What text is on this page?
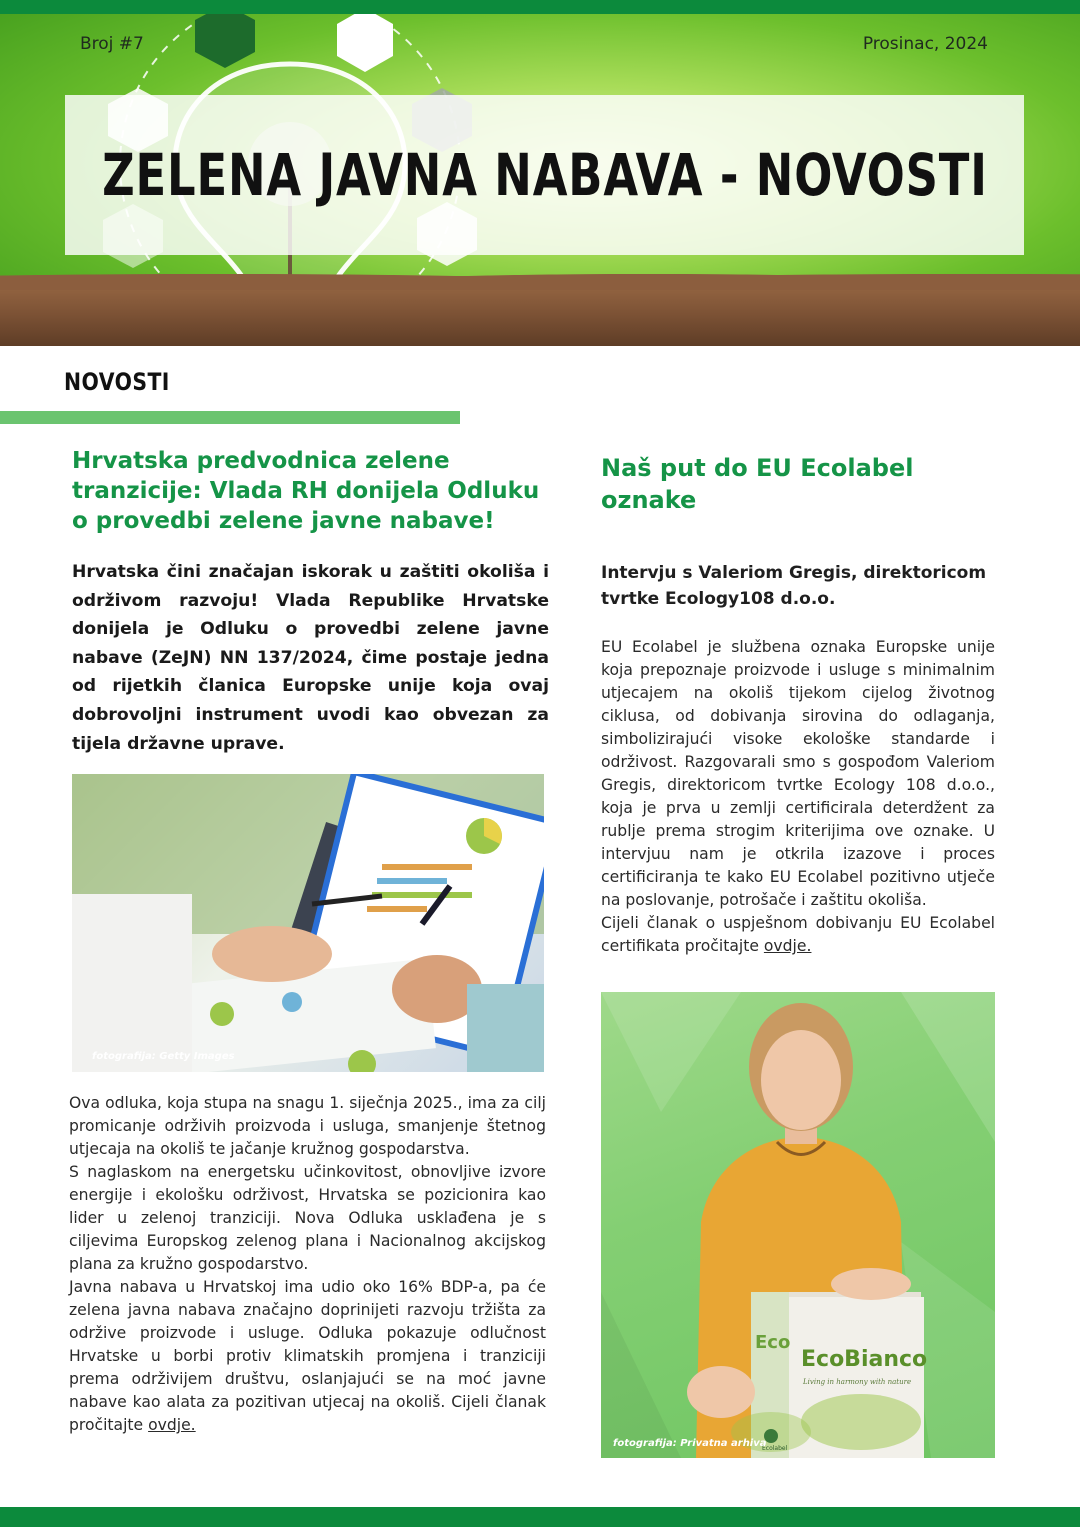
Broj #7	Prosinac, 2024
ZELENA JAVNA NABAVA - NOVOSTI
NOVOSTI
Hrvatska predvodnica zelene tranzicije: Vlada RH donijela Odluku o provedbi zelene javne nabave!
Hrvatska čini značajan iskorak u zaštiti okoliša i održivom razvoju! Vlada Republike Hrvatske donijela je Odluku o provedbi zelene javne nabave (ZeJN) NN 137/2024, čime postaje jedna od rijetkih članica Europske unije koja ovaj dobrovoljni instrument uvodi kao obvezan za tijela državne uprave.
fotografija: Getty Images

Ova odluka, koja stupa na snagu 1. siječnja 2025., ima za cilj promicanje održivih proizvoda i usluga, smanjenje štetnog utjecaja na okoliš te jačanje kružnog gospodarstva.

S naglaskom na energetsku učinkovitost, obnovljive izvore energije i ekološku održivost, Hrvatska se pozicionira kao lider u zelenoj tranziciji. Nova Odluka usklađena je s ciljevima Europskog zelenog plana i Nacionalnog akcijskog plana za kružno gospodarstvo.

Javna nabava u Hrvatskoj ima udio oko 16% BDP-a, pa će zelena javna nabava značajno doprinijeti razvoju tržišta za održive proizvode i usluge. Odluka pokazuje odlučnost Hrvatske u borbi protiv klimatskih promjena i tranziciji prema održivijem društvu, oslanjajući se na moć javne nabave kao alata za pozitivan utjecaj na okoliš. Cijeli članak pročitajte ovdje.

Naš put do EU Ecolabel oznake
Intervju s Valeriom Gregis, direktoricom tvrtke Ecology108 d.o.o.

EU Ecolabel je službena oznaka Europske unije koja prepoznaje proizvode i usluge s minimalnim utjecajem na okoliš tijekom cijelog životnog ciklusa, od dobivanja sirovina do odlaganja, simbolizirajući visoke ekološke standarde i održivost. Razgovarali smo s gospođom Valeriom Gregis, direktoricom tvrtke Ecology 108 d.o.o., koja je prva u zemlji certificirala deterdžent za rublje prema strogim kriterijima ove oznake. U intervjuu nam je otkrila izazove i proces certificiranja te kako EU Ecolabel pozitivno utječe na poslovanje, potrošače i zaštitu okoliša.

Cijeli članak o uspješnom dobivanju EU Ecolabel certifikata pročitajte ovdje.

EcoBianco
Living in harmony with nature
Eco
Ecolabel
fotografija: Privatna arhiva
